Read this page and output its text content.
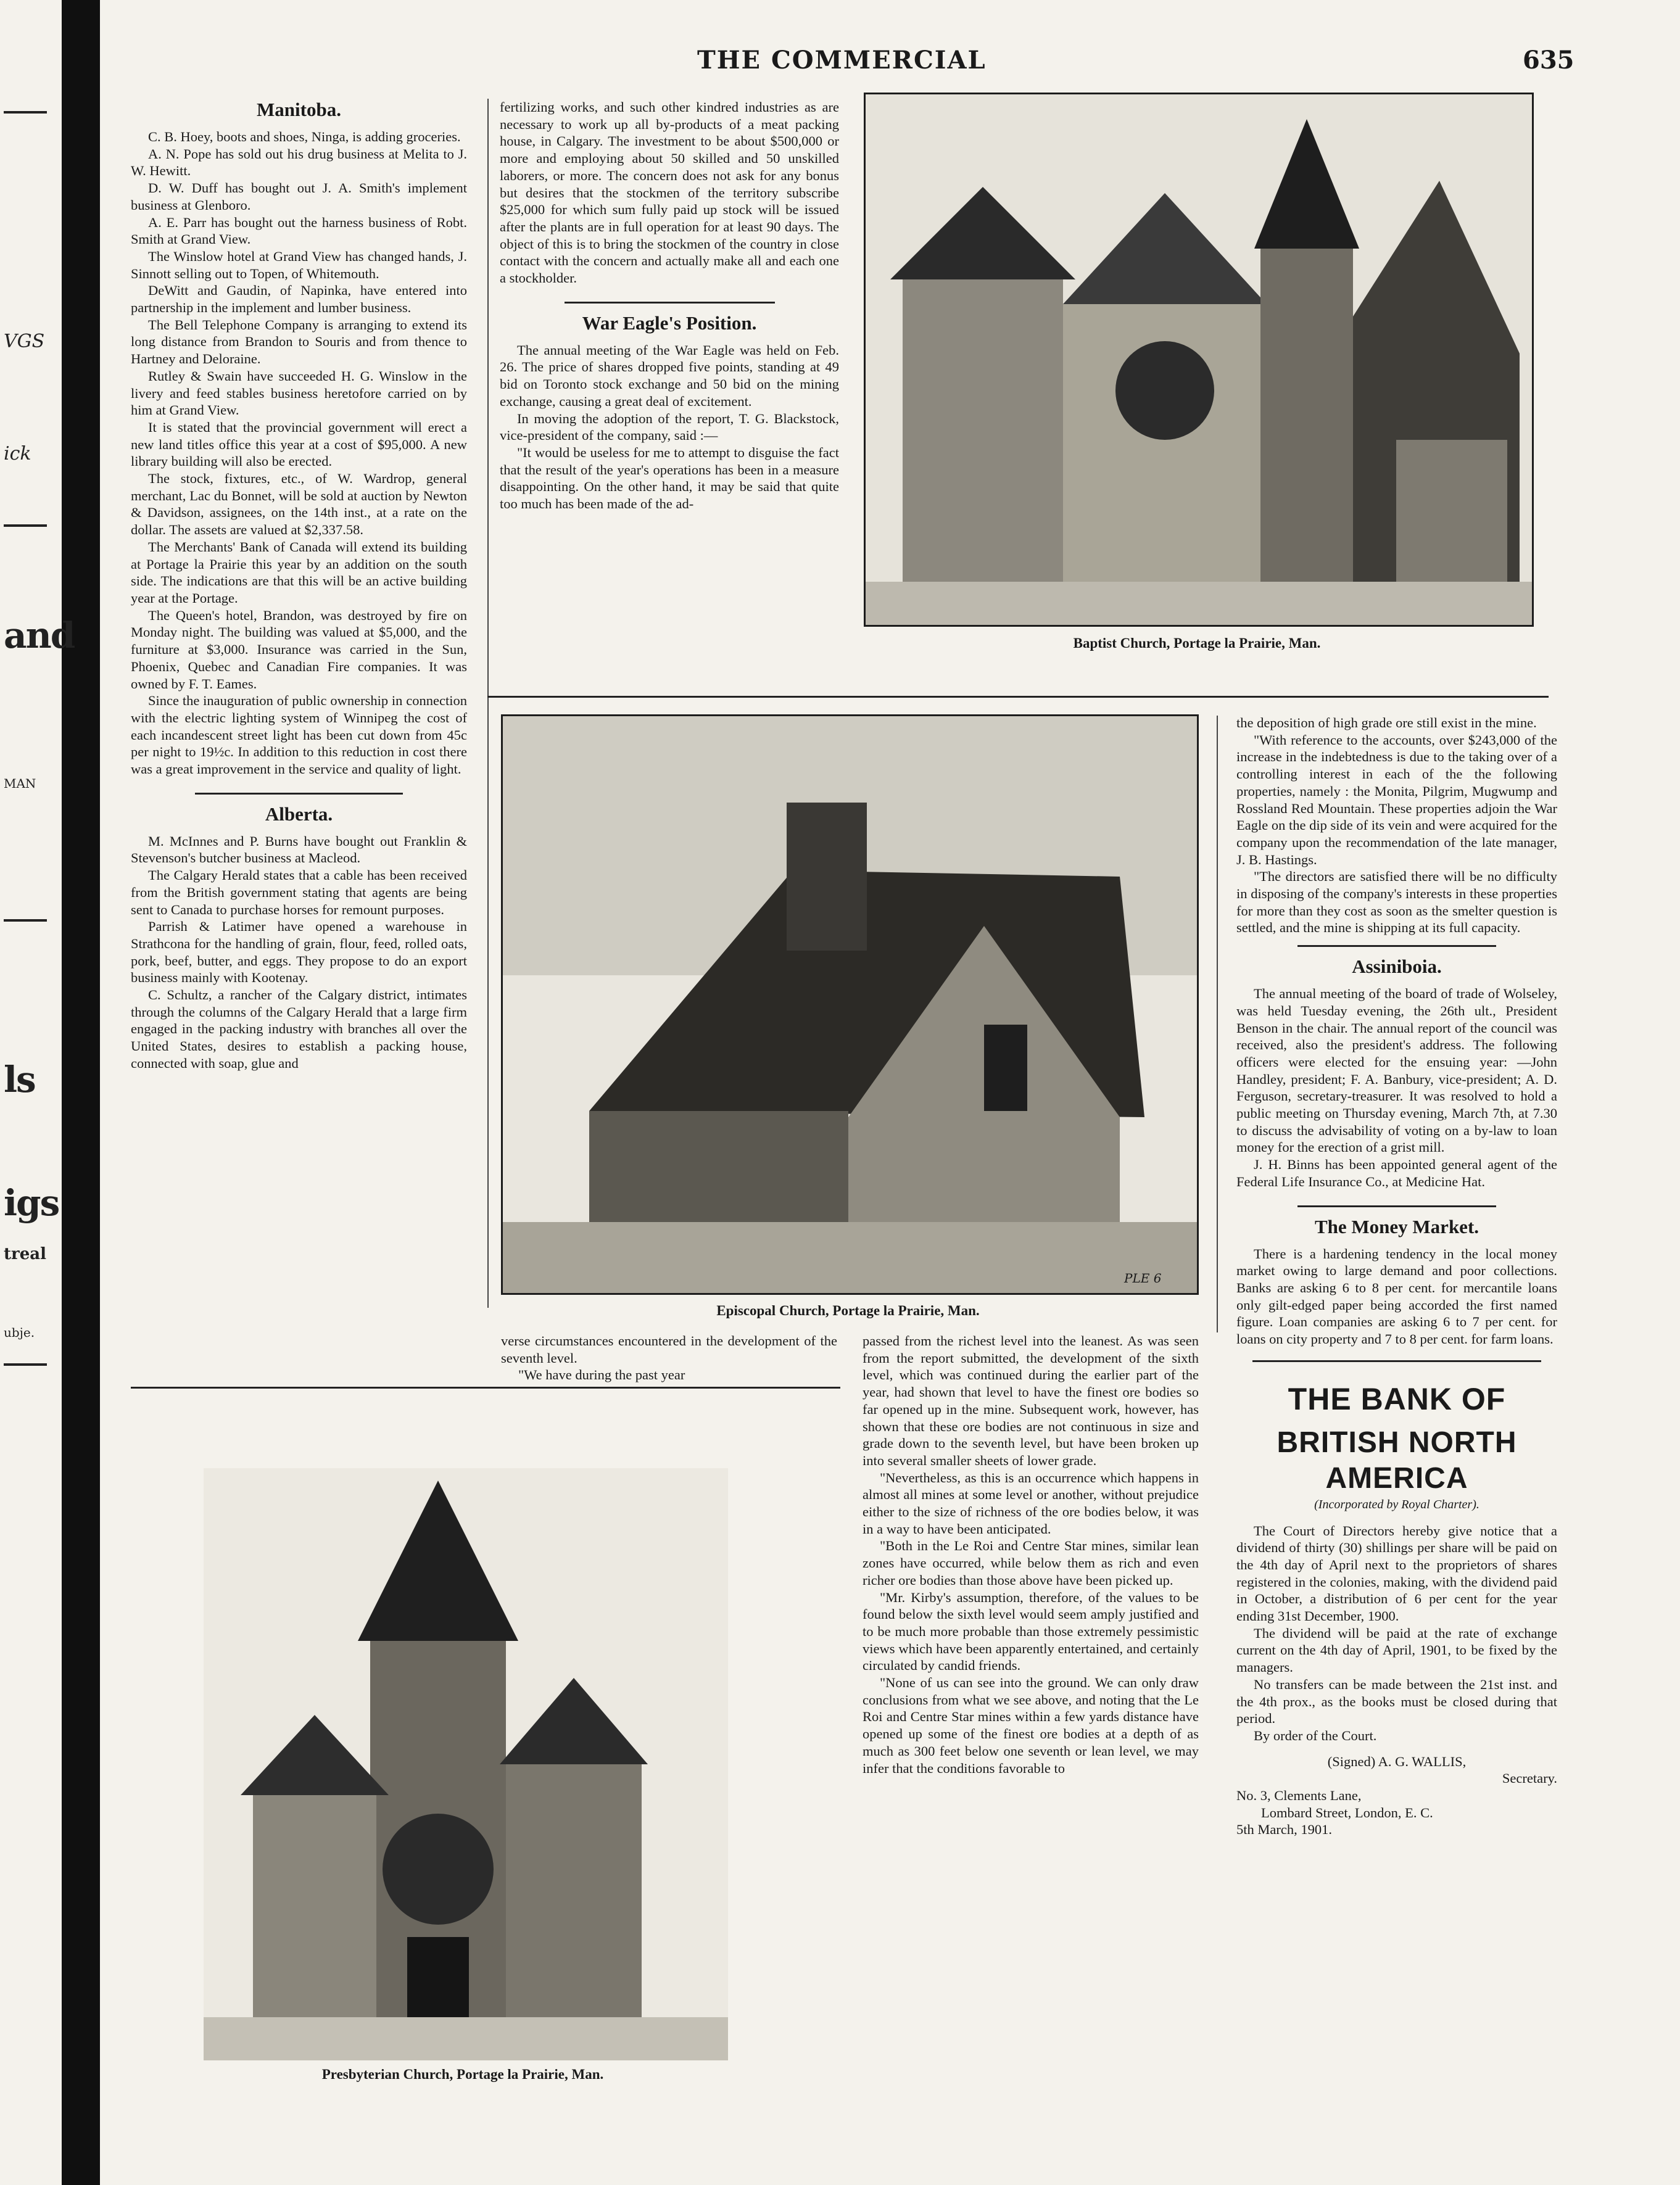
VGS
ick
and
MAN
ls
igs
treal
ubje.
THE COMMERCIAL	635
Manitoba.

C. B. Hoey, boots and shoes, Ninga, is adding groceries.

A. N. Pope has sold out his drug business at Melita to J. W. Hewitt.

D. W. Duff has bought out J. A. Smith's implement business at Glenboro.

A. E. Parr has bought out the harness business of Robt. Smith at Grand View.

The Winslow hotel at Grand View has changed hands, J. Sinnott selling out to Topen, of Whitemouth.

DeWitt and Gaudin, of Napinka, have entered into partnership in the implement and lumber business.

The Bell Telephone Company is arranging to extend its long distance from Brandon to Souris and from thence to Hartney and Deloraine.

Rutley & Swain have succeeded H. G. Winslow in the livery and feed stables business heretofore carried on by him at Grand View.

It is stated that the provincial government will erect a new land titles office this year at a cost of $95,000. A new library building will also be erected.

The stock, fixtures, etc., of W. Wardrop, general merchant, Lac du Bonnet, will be sold at auction by Newton & Davidson, assignees, on the 14th inst., at a rate on the dollar. The assets are valued at $2,337.58.

The Merchants' Bank of Canada will extend its building at Portage la Prairie this year by an addition on the south side. The indications are that this will be an active building year at the Portage.

The Queen's hotel, Brandon, was destroyed by fire on Monday night. The building was valued at $5,000, and the furniture at $3,000. Insurance was carried in the Sun, Phoenix, Quebec and Canadian Fire companies. It was owned by F. T. Eames.

Since the inauguration of public ownership in connection with the electric lighting system of Winnipeg the cost of each incandescent street light has been cut down from 45c per night to 19½c. In addition to this reduction in cost there was a great improvement in the service and quality of light.

Alberta.

M. McInnes and P. Burns have bought out Franklin & Stevenson's butcher business at Macleod.

The Calgary Herald states that a cable has been received from the British government stating that agents are being sent to Canada to purchase horses for remount purposes.

Parrish & Latimer have opened a warehouse in Strathcona for the handling of grain, flour, feed, rolled oats, pork, beef, butter, and eggs. They propose to do an export business mainly with Kootenay.

C. Schultz, a rancher of the Calgary district, intimates through the columns of the Calgary Herald that a large firm engaged in the packing industry with branches all over the United States, desires to establish a packing house, connected with soap, glue and

fertilizing works, and such other kindred industries as are necessary to work up all by-products of a meat packing house, in Calgary. The investment to be about $500,000 or more and employing about 50 skilled and 50 unskilled laborers, or more. The concern does not ask for any bonus but desires that the stockmen of the territory subscribe $25,000 for which sum fully paid up stock will be issued after the plants are in full operation for at least 90 days. The object of this is to bring the stockmen of the country in close contact with the concern and actually make all and each one a stockholder.

War Eagle's Position.

The annual meeting of the War Eagle was held on Feb. 26. The price of shares dropped five points, standing at 49 bid on Toronto stock exchange and 50 bid on the mining exchange, causing a great deal of excitement.

In moving the adoption of the report, T. G. Blackstock, vice-president of the company, said :—

"It would be useless for me to attempt to disguise the fact that the result of the year's operations has been in a measure disappointing. On the other hand, it may be said that quite too much has been made of the ad-

Baptist Church, Portage la Prairie, Man.
Episcopal Church, Portage la Prairie, Man.
PLE 6

the deposition of high grade ore still exist in the mine.

"With reference to the accounts, over $243,000 of the increase in the indebtedness is due to the taking over of a controlling interest in each of the the following properties, namely : the Monita, Pilgrim, Mugwump and Rossland Red Mountain. These properties adjoin the War Eagle on the dip side of its vein and were acquired for the company upon the recommendation of the late manager, J. B. Hastings.

"The directors are satisfied there will be no difficulty in disposing of the company's interests in these properties for more than they cost as soon as the smelter question is settled, and the mine is shipping at its full capacity.

Assiniboia.

The annual meeting of the board of trade of Wolseley, was held Tuesday evening, the 26th ult., President Benson in the chair. The annual report of the council was received, also the president's address. The following officers were elected for the ensuing year: —John Handley, president; F. A. Banbury, vice-president; A. D. Ferguson, secretary-treasurer. It was resolved to hold a public meeting on Thursday evening, March 7th, at 7.30 to discuss the advisability of voting on a by-law to loan money for the erection of a grist mill.

J. H. Binns has been appointed general agent of the Federal Life Insurance Co., at Medicine Hat.

The Money Market.

There is a hardening tendency in the local money market owing to large demand and poor collections. Banks are asking 6 to 8 per cent. for mercantile loans only gilt-edged paper being accorded the first named figure. Loan companies are asking 6 to 7 per cent. for loans on city property and 7 to 8 per cent. for farm loans.

THE BANK OF
BRITISH NORTH AMERICA
(Incorporated by Royal Charter).

The Court of Directors hereby give notice that a dividend of thirty (30) shillings per share will be paid on the 4th day of April next to the proprietors of shares registered in the colonies, making, with the dividend paid in October, a distribution of 6 per cent for the year ending 31st December, 1900.

The dividend will be paid at the rate of exchange current on the 4th day of April, 1901, to be fixed by the managers.

No transfers can be made between the 21st inst. and the 4th prox., as the books must be closed during that period.

By order of the Court.

(Signed) A. G. WALLIS,

Secretary.

No. 3, Clements Lane,

Lombard Street, London, E. C.

5th March, 1901.

verse circumstances encountered in the development of the seventh level.

"We have during the past year

Presbyterian Church, Portage la Prairie, Man.

passed from the richest level into the leanest. As was seen from the report submitted, the development of the sixth level, which was continued during the earlier part of the year, had shown that level to have the finest ore bodies so far opened up in the mine. Subsequent work, however, has shown that these ore bodies are not continuous in size and grade down to the seventh level, but have been broken up into several smaller sheets of lower grade.

"Nevertheless, as this is an occurrence which happens in almost all mines at some level or another, without prejudice either to the size of richness of the ore bodies below, it was in a way to have been anticipated.

"Both in the Le Roi and Centre Star mines, similar lean zones have occurred, while below them as rich and even richer ore bodies than those above have been picked up.

"Mr. Kirby's assumption, therefore, of the values to be found below the sixth level would seem amply justified and to be much more probable than those extremely pessimistic views which have been apparently entertained, and certainly circulated by candid friends.

"None of us can see into the ground. We can only draw conclusions from what we see above, and noting that the Le Roi and Centre Star mines within a few yards distance have opened up some of the finest ore bodies at a depth of as much as 300 feet below one seventh or lean level, we may infer that the conditions favorable to
